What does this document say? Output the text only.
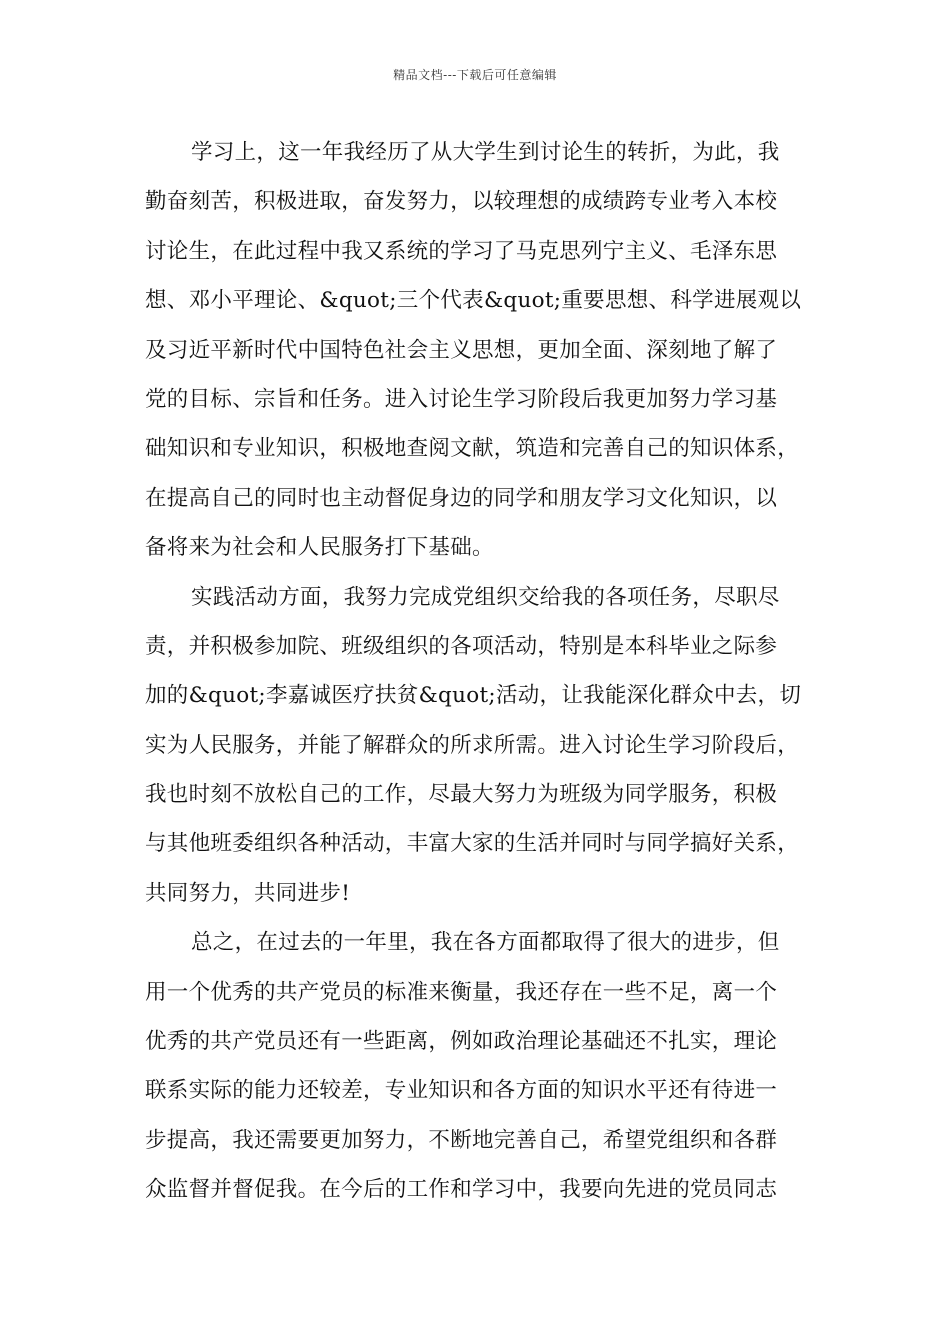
精品文档---下载后可任意编辑
学习上，这一年我经历了从大学生到讨论生的转折，为此，我
勤奋刻苦，积极进取，奋发努力，以较理想的成绩跨专业考入本校
讨论生，在此过程中我又系统的学习了马克思列宁主义、毛泽东思
想、邓小平理论、&quot;三个代表&quot;重要思想、科学进展观以
及习近平新时代中国特色社会主义思想，更加全面、深刻地了解了
党的目标、宗旨和任务。进入讨论生学习阶段后我更加努力学习基
础知识和专业知识，积极地查阅文献，筑造和完善自己的知识体系，
在提高自己的同时也主动督促身边的同学和朋友学习文化知识，以
备将来为社会和人民服务打下基础。
实践活动方面，我努力完成党组织交给我的各项任务，尽职尽
责，并积极参加院、班级组织的各项活动，特别是本科毕业之际参
加的&quot;李嘉诚医疗扶贫&quot;活动，让我能深化群众中去，切
实为人民服务，并能了解群众的所求所需。进入讨论生学习阶段后，
我也时刻不放松自己的工作，尽最大努力为班级为同学服务，积极
与其他班委组织各种活动，丰富大家的生活并同时与同学搞好关系，
共同努力，共同进步!
总之，在过去的一年里，我在各方面都取得了很大的进步，但
用一个优秀的共产党员的标准来衡量，我还存在一些不足，离一个
优秀的共产党员还有一些距离，例如政治理论基础还不扎实，理论
联系实际的能力还较差，专业知识和各方面的知识水平还有待进一
步提高，我还需要更加努力，不断地完善自己，希望党组织和各群
众监督并督促我。在今后的工作和学习中，我要向先进的党员同志
